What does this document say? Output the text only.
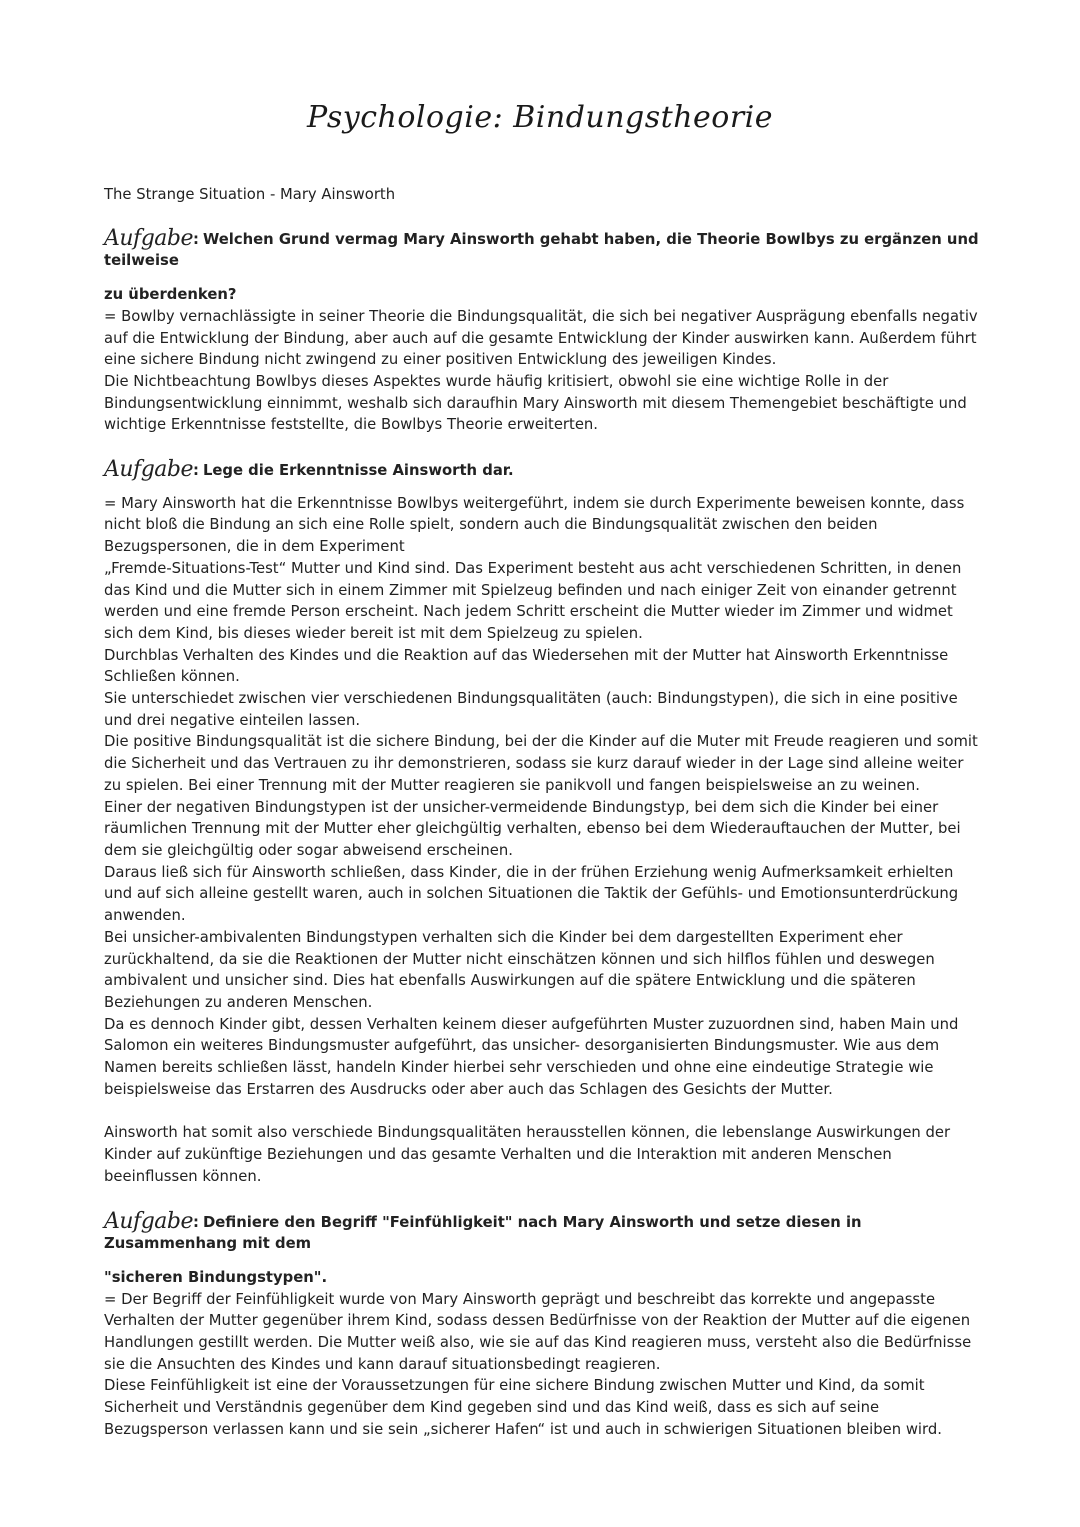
Psychologie: Bindungstheorie

The Strange Situation - Mary Ainsworth

Aufgabe: Welchen Grund vermag Mary Ainsworth gehabt haben, die Theorie Bowlbys zu ergänzen und teilweise
zu überdenken?

= Bowlby vernachlässigte in seiner Theorie die Bindungsqualität, die sich bei negativer Ausprägung ebenfalls negativ auf die Entwicklung der Bindung, aber auch auf die gesamte Entwicklung der Kinder auswirken kann. Außerdem führt eine sichere Bindung nicht zwingend zu einer positiven Entwicklung des jeweiligen Kindes.

Die Nichtbeachtung Bowlbys dieses Aspektes wurde häufig kritisiert, obwohl sie eine wichtige Rolle in der Bindungsentwicklung einnimmt, weshalb sich daraufhin Mary Ainsworth mit diesem Themengebiet beschäftigte und wichtige Erkenntnisse feststellte, die Bowlbys Theorie erweiterten.

Aufgabe: Lege die Erkenntnisse Ainsworth dar.

= Mary Ainsworth hat die Erkenntnisse Bowlbys weitergeführt, indem sie durch Experimente beweisen konnte, dass nicht bloß die Bindung an sich eine Rolle spielt, sondern auch die Bindungsqualität zwischen den beiden Bezugspersonen, die in dem Experiment

„Fremde-Situations-Test“ Mutter und Kind sind. Das Experiment besteht aus acht verschiedenen Schritten, in denen das Kind und die Mutter sich in einem Zimmer mit Spielzeug befinden und nach einiger Zeit von einander getrennt werden und eine fremde Person erscheint. Nach jedem Schritt erscheint die Mutter wieder im Zimmer und widmet sich dem Kind, bis dieses wieder bereit ist mit dem Spielzeug zu spielen.

Durchblas Verhalten des Kindes und die Reaktion auf das Wiedersehen mit der Mutter hat Ainsworth Erkenntnisse Schließen können.

Sie unterschiedet zwischen vier verschiedenen Bindungsqualitäten (auch: Bindungstypen), die sich in eine positive und drei negative einteilen lassen.

Die positive Bindungsqualität ist die sichere Bindung, bei der die Kinder auf die Muter mit Freude reagieren und somit die Sicherheit und das Vertrauen zu ihr demonstrieren, sodass sie kurz darauf wieder in der Lage sind alleine weiter zu spielen. Bei einer Trennung mit der Mutter reagieren sie panikvoll und fangen beispielsweise an zu weinen.

Einer der negativen Bindungstypen ist der unsicher-vermeidende Bindungstyp, bei dem sich die Kinder bei einer räumlichen Trennung mit der Mutter eher gleichgültig verhalten, ebenso bei dem Wiederauftauchen der Mutter, bei dem sie gleichgültig oder sogar abweisend erscheinen.

Daraus ließ sich für Ainsworth schließen, dass Kinder, die in der frühen Erziehung wenig Aufmerksamkeit erhielten und auf sich alleine gestellt waren, auch in solchen Situationen die Taktik der Gefühls- und Emotionsunterdrückung anwenden.

Bei unsicher-ambivalenten Bindungstypen verhalten sich die Kinder bei dem dargestellten Experiment eher zurückhaltend, da sie die Reaktionen der Mutter nicht einschätzen können und sich hilflos fühlen und deswegen ambivalent und unsicher sind. Dies hat ebenfalls Auswirkungen auf die spätere Entwicklung und die späteren Beziehungen zu anderen Menschen.

Da es dennoch Kinder gibt, dessen Verhalten keinem dieser aufgeführten Muster zuzuordnen sind, haben Main und Salomon ein weiteres Bindungsmuster aufgeführt, das unsicher- desorganisierten Bindungsmuster. Wie aus dem Namen bereits schließen lässt, handeln Kinder hierbei sehr verschieden und ohne eine eindeutige Strategie wie beispielsweise das Erstarren des Ausdrucks oder aber auch das Schlagen des Gesichts der Mutter.

Ainsworth hat somit also verschiede Bindungsqualitäten herausstellen können, die lebenslange Auswirkungen der Kinder auf zukünftige Beziehungen und das gesamte Verhalten und die Interaktion mit anderen Menschen beeinflussen können.

Aufgabe: Definiere den Begriff "Feinfühligkeit" nach Mary Ainsworth und setze diesen in Zusammenhang mit dem
"sicheren Bindungstypen".

= Der Begriff der Feinfühligkeit wurde von Mary Ainsworth geprägt und beschreibt das korrekte und angepasste Verhalten der Mutter gegenüber ihrem Kind, sodass dessen Bedürfnisse von der Reaktion der Mutter auf die eigenen Handlungen gestillt werden. Die Mutter weiß also, wie sie auf das Kind reagieren muss, versteht also die Bedürfnisse sie die Ansuchten des Kindes und kann darauf situationsbedingt reagieren.

Diese Feinfühligkeit ist eine der Voraussetzungen für eine sichere Bindung zwischen Mutter und Kind, da somit Sicherheit und Verständnis gegenüber dem Kind gegeben sind und das Kind weiß, dass es sich auf seine Bezugsperson verlassen kann und sie sein „sicherer Hafen“ ist und auch in schwierigen Situationen bleiben wird.
